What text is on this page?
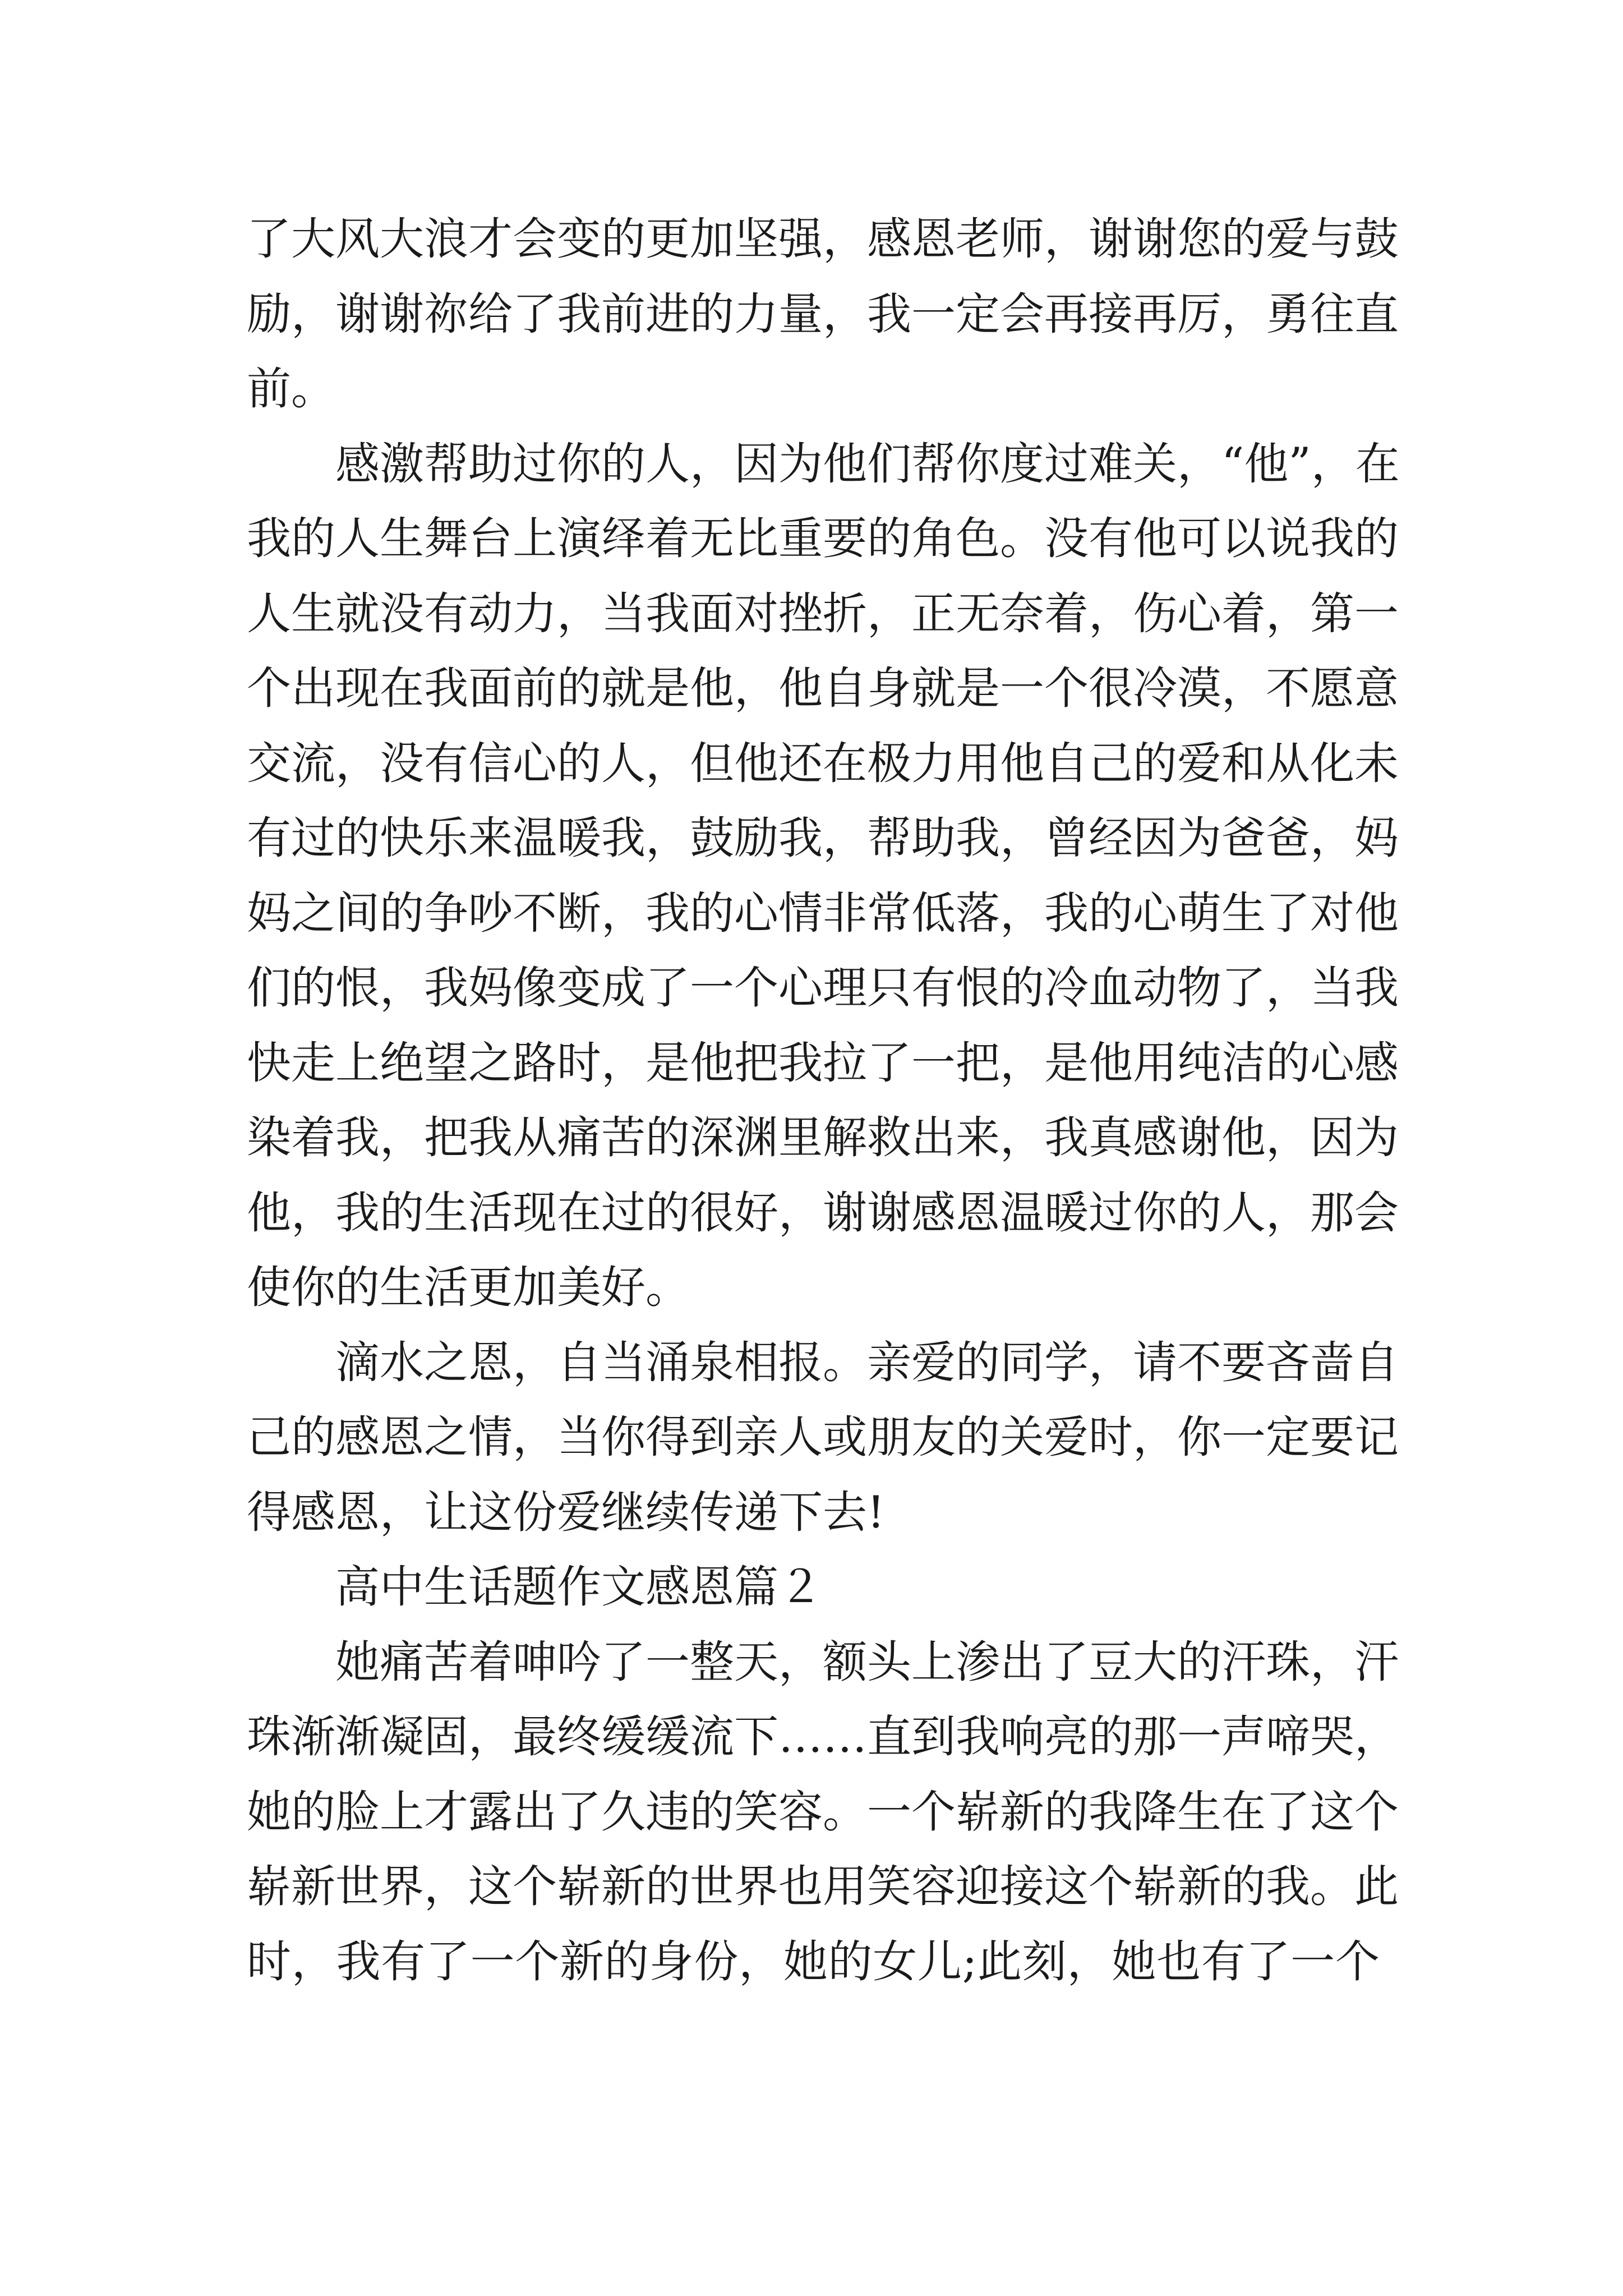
了大风大浪才会变的更加坚强，感恩老师，谢谢您的爱与鼓
励，谢谢祢给了我前进的力量，我一定会再接再厉，勇往直
前。
感激帮助过你的人，因为他们帮你度过难关，“他”，在
我的人生舞台上演绎着无比重要的角色。没有他可以说我的
人生就没有动力，当我面对挫折，正无奈着，伤心着，第一
个出现在我面前的就是他，他自身就是一个很冷漠，不愿意
交流，没有信心的人，但他还在极力用他自己的爱和从化未
有过的快乐来温暖我，鼓励我，帮助我，曾经因为爸爸，妈
妈之间的争吵不断，我的心情非常低落，我的心萌生了对他
们的恨，我妈像变成了一个心理只有恨的冷血动物了，当我
快走上绝望之路时，是他把我拉了一把，是他用纯洁的心感
染着我，把我从痛苦的深渊里解救出来，我真感谢他，因为
他，我的生活现在过的很好，谢谢感恩温暖过你的人，那会
使你的生活更加美好。
滴水之恩，自当涌泉相报。亲爱的同学，请不要吝啬自
己的感恩之情，当你得到亲人或朋友的关爱时，你一定要记
得感恩，让这份爱继续传递下去!
高中生话题作文感恩篇２
她痛苦着呻吟了一整天，额头上渗出了豆大的汗珠，汗
珠渐渐凝固，最终缓缓流下……直到我响亮的那一声啼哭，
她的脸上才露出了久违的笑容。一个崭新的我降生在了这个
崭新世界，这个崭新的世界也用笑容迎接这个崭新的我。此
时，我有了一个新的身份，她的女儿;此刻，她也有了一个
